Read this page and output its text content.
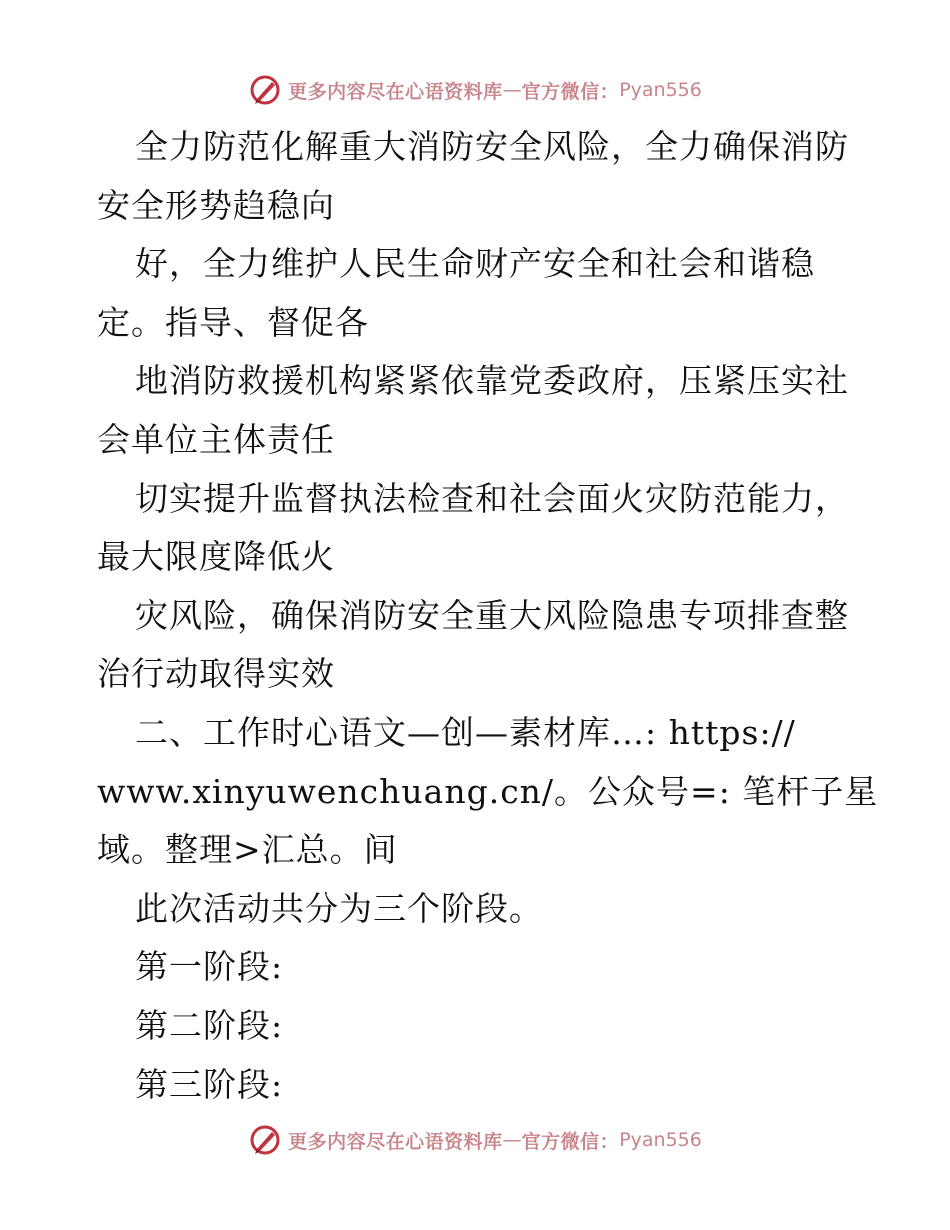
更多内容尽在心语资料库 — 官方微信： Pyan556
全力防范化解重大消防安全风险，全力确保消防
安全形势趋稳向
好，全力维护人民生命财产安全和社会和谐稳
定。指导、督促各
地消防救援机构紧紧依靠党委政府，压紧压实社
会单位主体责任
切实提升监督执法检查和社会面火灾防范能力，
最大限度降低火
灾风险，确保消防安全重大风险隐患专项排查整
治行动取得实效
二、工作时心语文—创—素材库…: https://
www.xinyuwenchuang.cn/。公众号=: 笔杆子星
域。整理>汇总。间
此次活动共分为三个阶段。
第一阶段:
第二阶段:
第三阶段:
更多内容尽在心语资料库 — 官方微信： Pyan556
